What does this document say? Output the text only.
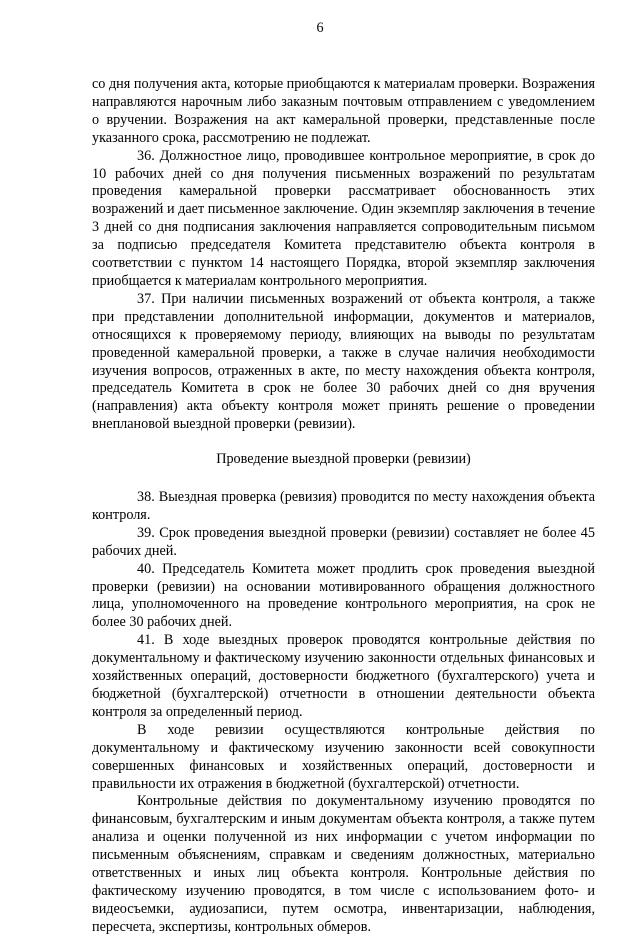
6

со дня получения акта, которые приобщаются к материалам проверки. Возражения направляются нарочным либо заказным почтовым отправлением с уведомлением о вручении. Возражения на акт камеральной проверки, представленные после указанного срока, рассмотрению не подлежат.

36. Должностное лицо, проводившее контрольное мероприятие, в срок до 10 рабочих дней со дня получения письменных возражений по результатам проведения камеральной проверки рассматривает обоснованность этих возражений и дает письменное заключение. Один экземпляр заключения в течение 3 дней со дня подписания заключения направляется сопроводительным письмом за подписью председателя Комитета представителю объекта контроля в соответствии с пунктом 14 настоящего Порядка, второй экземпляр заключения приобщается к материалам контрольного мероприятия.

37. При наличии письменных возражений от объекта контроля, а также при представлении дополнительной информации, документов и материалов, относящихся к проверяемому периоду, влияющих на выводы по результатам проведенной камеральной проверки, а также в случае наличия необходимости изучения вопросов, отраженных в акте, по месту нахождения объекта контроля, председатель Комитета в срок не более 30 рабочих дней со дня вручения (направления) акта объекту контроля может принять решение о проведении внеплановой выездной проверки (ревизии).

Проведение выездной проверки (ревизии)

38. Выездная проверка (ревизия) проводится по месту нахождения объекта контроля.

39. Срок проведения выездной проверки (ревизии) составляет не более 45 рабочих дней.

40. Председатель Комитета может продлить срок проведения выездной проверки (ревизии) на основании мотивированного обращения должностного лица, уполномоченного на проведение контрольного мероприятия, на срок не более 30 рабочих дней.

41. В ходе выездных проверок проводятся контрольные действия по документальному и фактическому изучению законности отдельных финансовых и хозяйственных операций, достоверности бюджетного (бухгалтерского) учета и бюджетной (бухгалтерской) отчетности в отношении деятельности объекта контроля за определенный период.

В ходе ревизии осуществляются контрольные действия по документальному и фактическому изучению законности всей совокупности совершенных финансовых и хозяйственных операций, достоверности и правильности их отражения в бюджетной (бухгалтерской) отчетности.

Контрольные действия по документальному изучению проводятся по финансовым, бухгалтерским и иным документам объекта контроля, а также путем анализа и оценки полученной из них информации с учетом информации по письменным объяснениям, справкам и сведениям должностных, материально ответственных и иных лиц объекта контроля. Контрольные действия по фактическому изучению проводятся, в том числе с использованием фото- и видеосъемки, аудиозаписи, путем осмотра, инвентаризации, наблюдения, пересчета, экспертизы, контрольных обмеров.
